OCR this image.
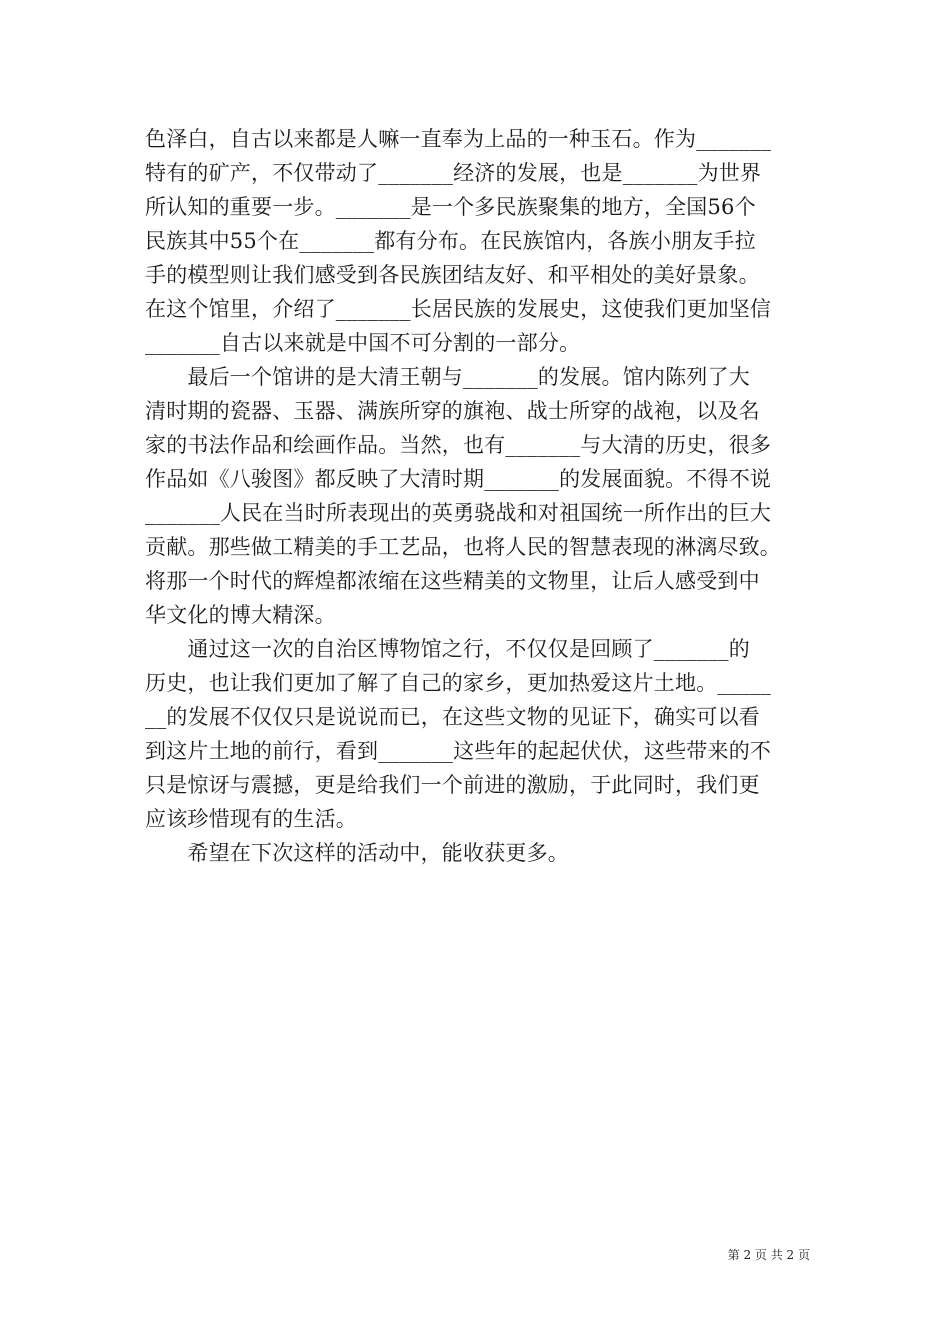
色泽白，自古以来都是人嘛一直奉为上品的一种玉石。作为_______
特有的矿产，不仅带动了_______经济的发展，也是_______为世界
所认知的重要一步。_______是一个多民族聚集的地方，全国56个
民族其中55个在_______都有分布。在民族馆内，各族小朋友手拉
手的模型则让我们感受到各民族团结友好、和平相处的美好景象。
在这个馆里，介绍了_______长居民族的发展史，这使我们更加坚信
_______自古以来就是中国不可分割的一部分。
　　最后一个馆讲的是大清王朝与_______的发展。馆内陈列了大
清时期的瓷器、玉器、满族所穿的旗袍、战士所穿的战袍，以及名
家的书法作品和绘画作品。当然，也有_______与大清的历史，很多
作品如《八骏图》都反映了大清时期_______的发展面貌。不得不说
_______人民在当时所表现出的英勇骁战和对祖国统一所作出的巨大
贡献。那些做工精美的手工艺品，也将人民的智慧表现的淋漓尽致。
将那一个时代的辉煌都浓缩在这些精美的文物里，让后人感受到中
华文化的博大精深。
　　通过这一次的自治区博物馆之行，不仅仅是回顾了_______的
历史，也让我们更加了解了自己的家乡，更加热爱这片土地。_____
__的发展不仅仅只是说说而已，在这些文物的见证下，确实可以看
到这片土地的前行，看到_______这些年的起起伏伏，这些带来的不
只是惊讶与震撼，更是给我们一个前进的激励，于此同时，我们更
应该珍惜现有的生活。
　　希望在下次这样的活动中，能收获更多。
第 2 页 共 2 页
